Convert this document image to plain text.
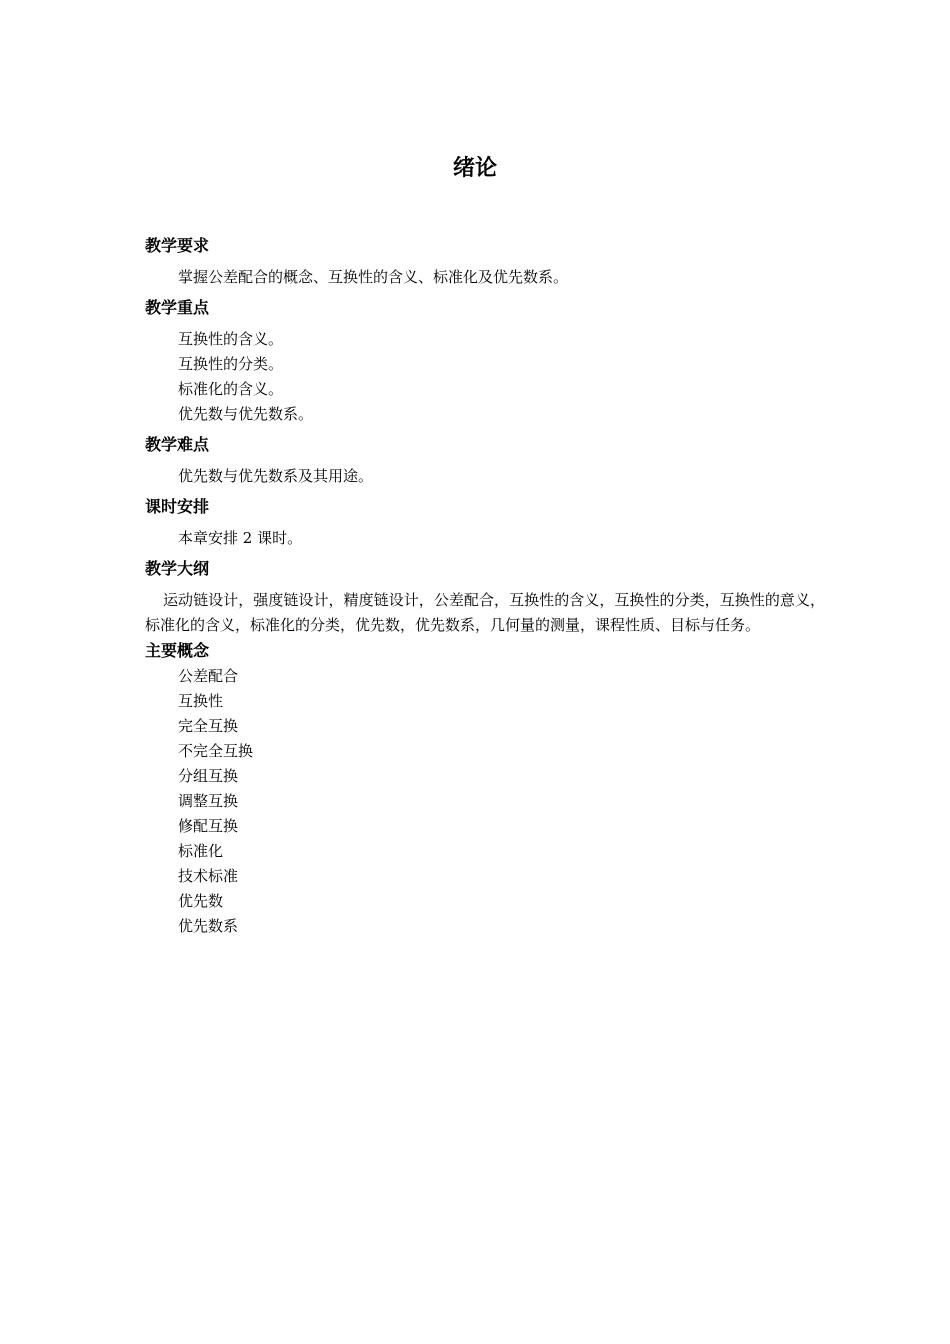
绪论
教学要求
掌握公差配合的概念、互换性的含义、标准化及优先数系。
教学重点
互换性的含义。
互换性的分类。
标准化的含义。
优先数与优先数系。
教学难点
优先数与优先数系及其用途。
课时安排
本章安排 2 课时。
教学大纲
运动链设计，强度链设计，精度链设计，公差配合，互换性的含义，互换性的分类，互换性的意义，标准化的含义，标准化的分类，优先数，优先数系，几何量的测量，课程性质、目标与任务。
主要概念
公差配合
互换性
完全互换
不完全互换
分组互换
调整互换
修配互换
标准化
技术标准
优先数
优先数系
